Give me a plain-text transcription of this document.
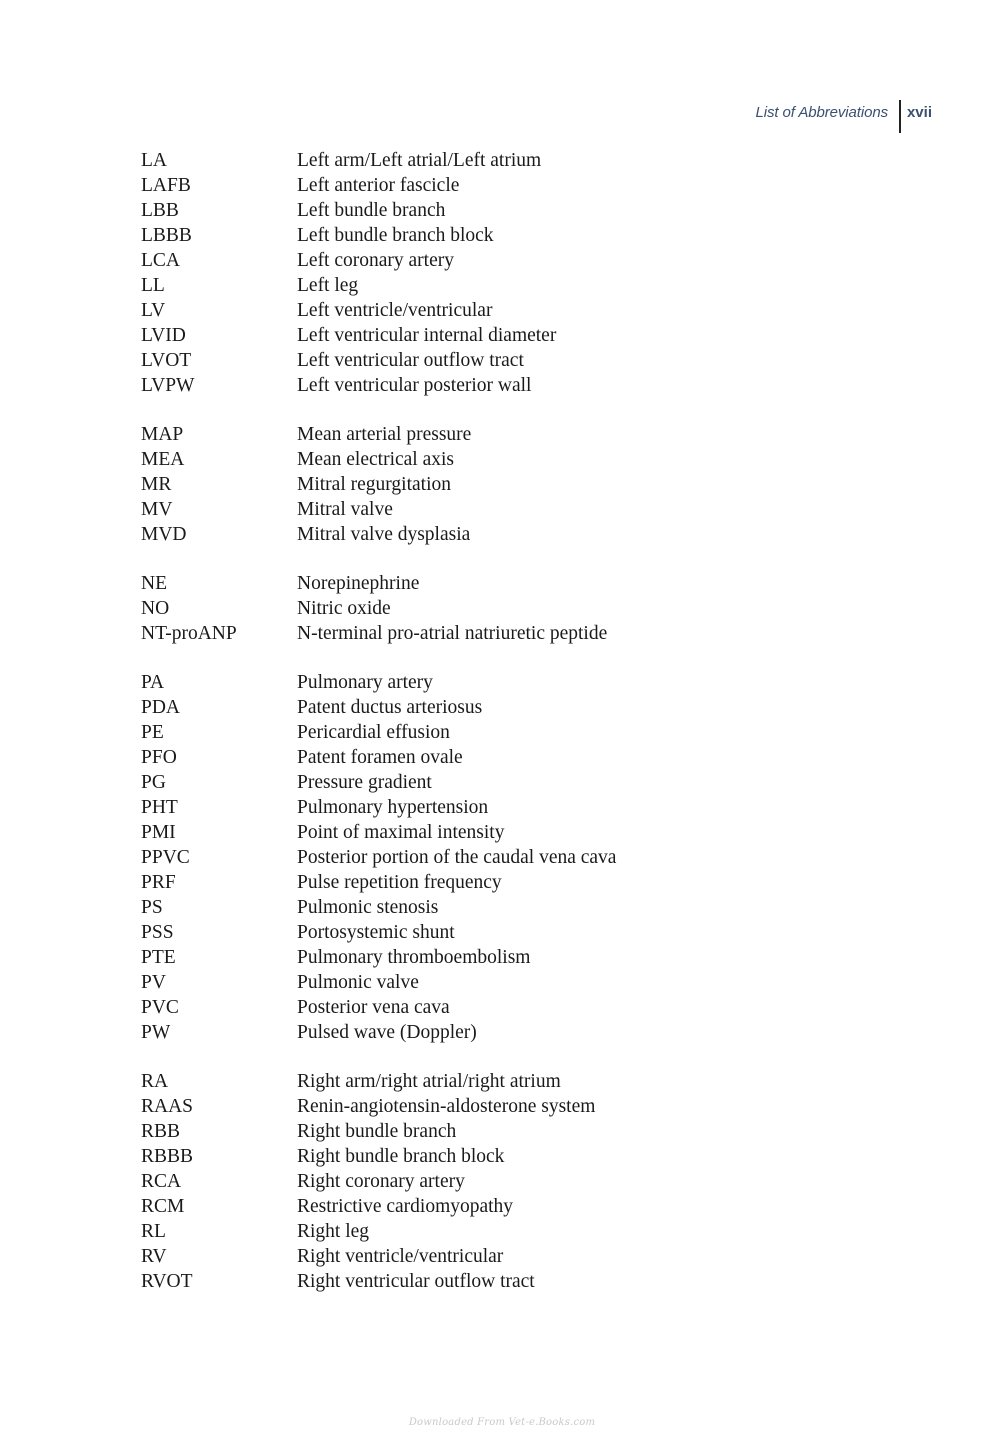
List of Abbreviations	xvii
LA	Left arm/Left atrial/Left atrium
LAFB	Left anterior fascicle
LBB	Left bundle branch
LBBB	Left bundle branch block
LCA	Left coronary artery
LL	Left leg
LV	Left ventricle/ventricular
LVID	Left ventricular internal diameter
LVOT	Left ventricular outflow tract
LVPW	Left ventricular posterior wall
MAP	Mean arterial pressure
MEA	Mean electrical axis
MR	Mitral regurgitation
MV	Mitral valve
MVD	Mitral valve dysplasia
NE	Norepinephrine
NO	Nitric oxide
NT-proANP	N-terminal pro-atrial natriuretic peptide
PA	Pulmonary artery
PDA	Patent ductus arteriosus
PE	Pericardial effusion
PFO	Patent foramen ovale
PG	Pressure gradient
PHT	Pulmonary hypertension
PMI	Point of maximal intensity
PPVC	Posterior portion of the caudal vena cava
PRF	Pulse repetition frequency
PS	Pulmonic stenosis
PSS	Portosystemic shunt
PTE	Pulmonary thromboembolism
PV	Pulmonic valve
PVC	Posterior vena cava
PW	Pulsed wave (Doppler)
RA	Right arm/right atrial/right atrium
RAAS	Renin-angiotensin-aldosterone system
RBB	Right bundle branch
RBBB	Right bundle branch block
RCA	Right coronary artery
RCM	Restrictive cardiomyopathy
RL	Right leg
RV	Right ventricle/ventricular
RVOT	Right ventricular outflow tract
Downloaded From Vet-e.Books.com
